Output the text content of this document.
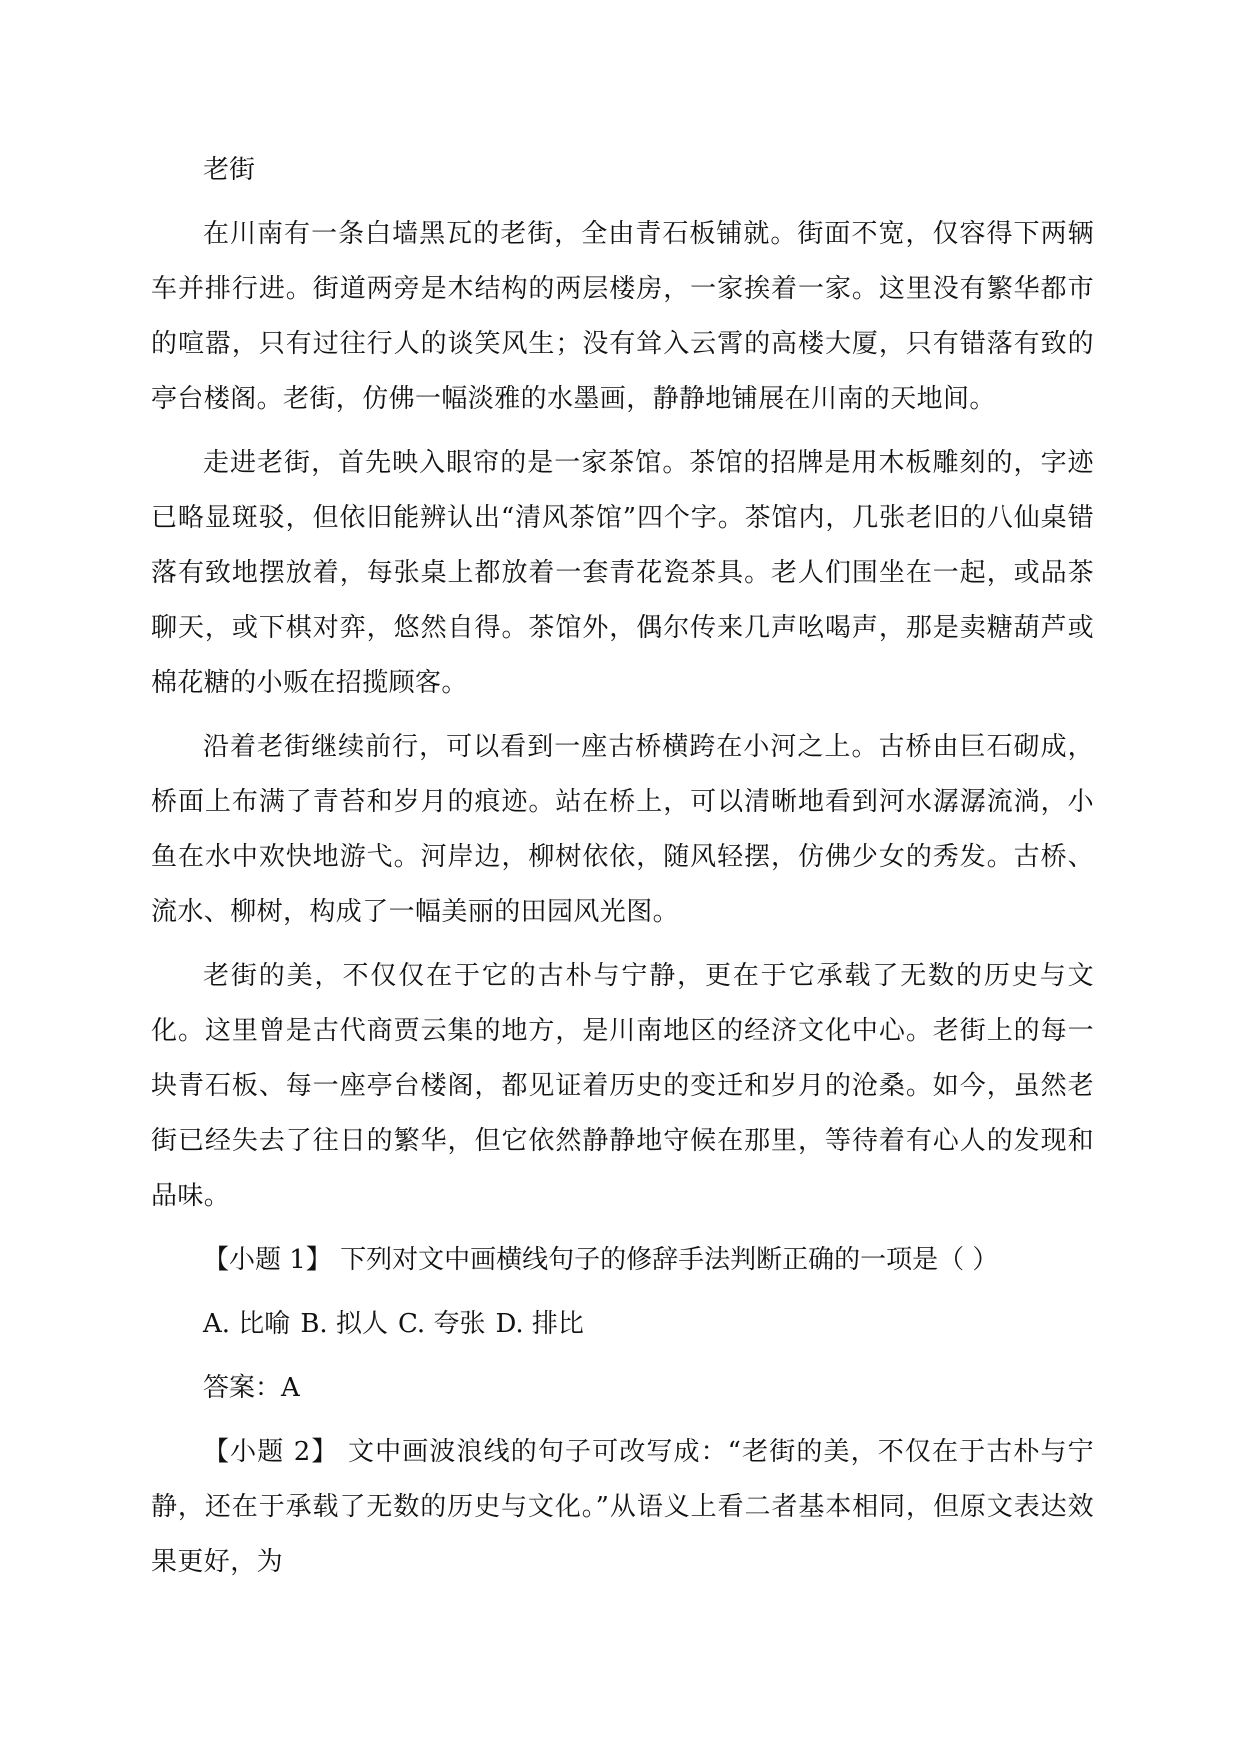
老街

在川南有一条白墙黑瓦的老街，全由青石板铺就。街面不宽，仅容得下两辆车并排行进。街道两旁是木结构的两层楼房，一家挨着一家。这里没有繁华都市的喧嚣，只有过往行人的谈笑风生；没有耸入云霄的高楼大厦，只有错落有致的亭台楼阁。老街，仿佛一幅淡雅的水墨画，静静地铺展在川南的天地间。

走进老街，首先映入眼帘的是一家茶馆。茶馆的招牌是用木板雕刻的，字迹已略显斑驳，但依旧能辨认出“清风茶馆”四个字。茶馆内，几张老旧的八仙桌错落有致地摆放着，每张桌上都放着一套青花瓷茶具。老人们围坐在一起，或品茶聊天，或下棋对弈，悠然自得。茶馆外，偶尔传来几声吆喝声，那是卖糖葫芦或棉花糖的小贩在招揽顾客。

沿着老街继续前行，可以看到一座古桥横跨在小河之上。古桥由巨石砌成，桥面上布满了青苔和岁月的痕迹。站在桥上，可以清晰地看到河水潺潺流淌，小鱼在水中欢快地游弋。河岸边，柳树依依，随风轻摆，仿佛少女的秀发。古桥、流水、柳树，构成了一幅美丽的田园风光图。

老街的美，不仅仅在于它的古朴与宁静，更在于它承载了无数的历史与文化。这里曾是古代商贾云集的地方，是川南地区的经济文化中心。老街上的每一块青石板、每一座亭台楼阁，都见证着历史的变迁和岁月的沧桑。如今，虽然老街已经失去了往日的繁华，但它依然静静地守候在那里，等待着有心人的发现和品味。

【小题 1】 下列对文中画横线句子的修辞手法判断正确的一项是（ ）

A. 比喻 B. 拟人 C. 夸张 D. 排比

答案：A

【小题 2】 文中画波浪线的句子可改写成：“老街的美，不仅在于古朴与宁静，还在于承载了无数的历史与文化。”从语义上看二者基本相同，但原文表达效果更好，为
